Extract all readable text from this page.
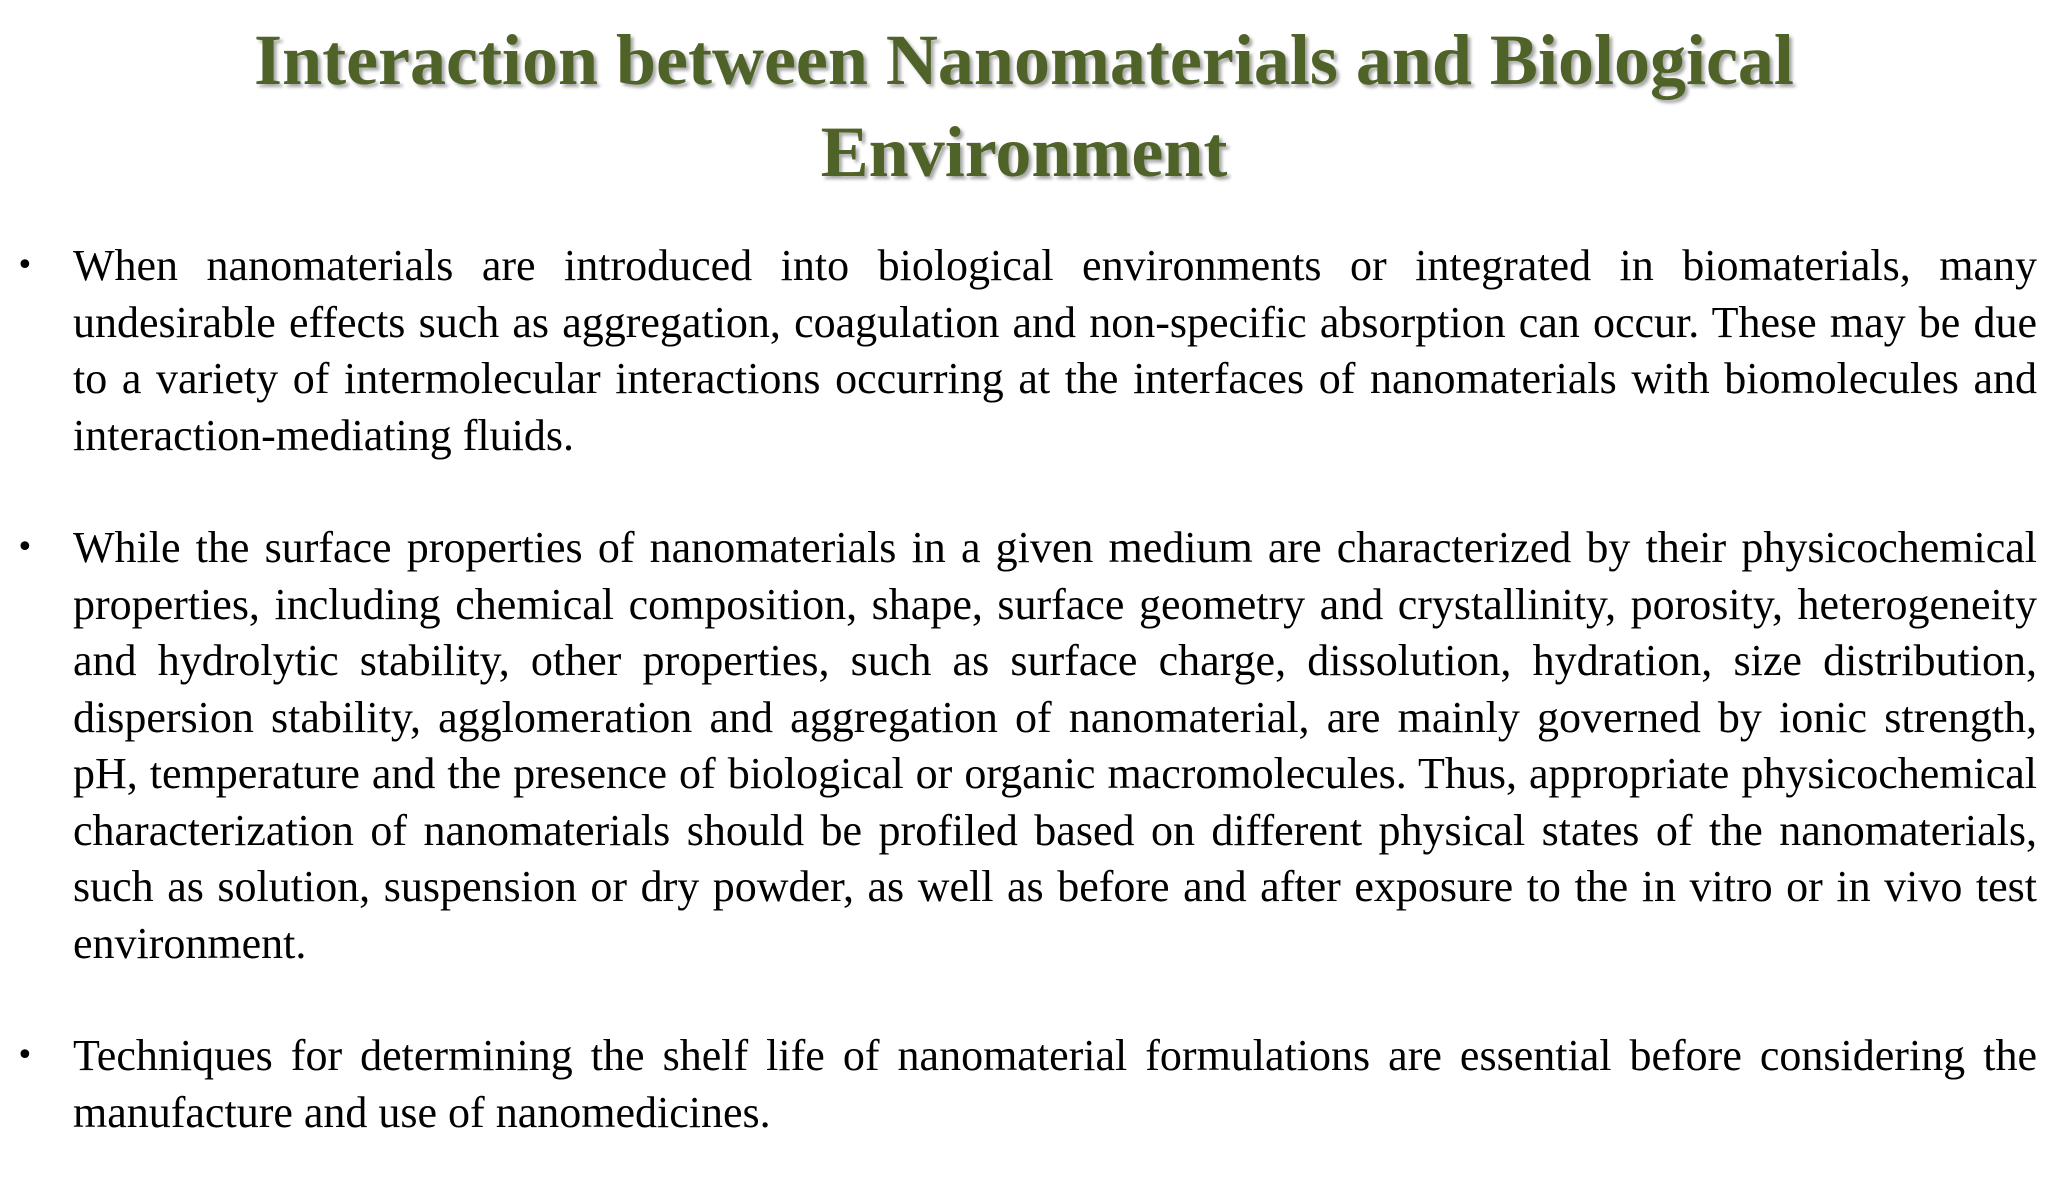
Interaction between Nanomaterials and Biological Environment
• When nanomaterials are introduced into biological environments or integrated in biomaterials, many undesirable effects such as aggregation, coagulation and non-specific absorption can occur. These may be due to a variety of intermolecular interactions occurring at the interfaces of nanomaterials with biomolecules and interaction-mediating fluids.
• While the surface properties of nanomaterials in a given medium are characterized by their physicochemical properties, including chemical composition, shape, surface geometry and crystallinity, porosity, heterogeneity and hydrolytic stability, other properties, such as surface charge, dissolution, hydration, size distribution, dispersion stability, agglomeration and aggregation of nanomaterial, are mainly governed by ionic strength, pH, temperature and the presence of biological or organic macromolecules. Thus, appropriate physicochemical characterization of nanomaterials should be profiled based on different physical states of the nanomaterials, such as solution, suspension or dry powder, as well as before and after exposure to the in vitro or in vivo test environment.
• Techniques for determining the shelf life of nanomaterial formulations are essential before considering the manufacture and use of nanomedicines.
